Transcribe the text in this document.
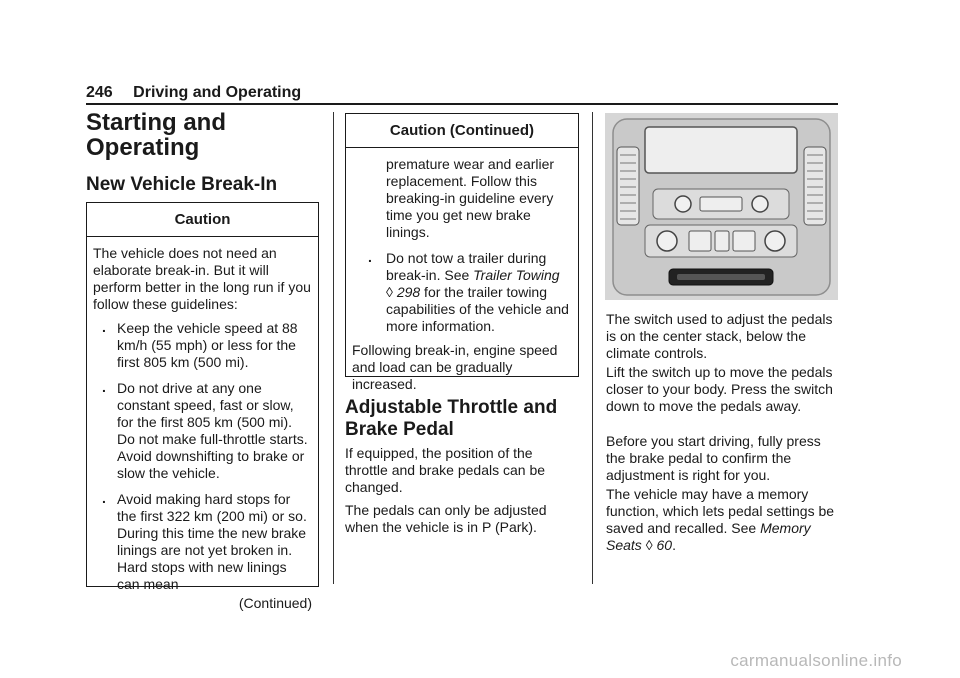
246 Driving and Operating
Starting and
Operating
New Vehicle Break-In
Caution

The vehicle does not need an elaborate break-in. But it will perform better in the long run if you follow these guidelines:

. Keep the vehicle speed at 88 km/h (55 mph) or less for the first 805 km (500 mi).
. Do not drive at any one constant speed, fast or slow, for the first 805 km (500 mi). Do not make full-throttle starts. Avoid downshifting to brake or slow the vehicle.
. Avoid making hard stops for the first 322 km (200 mi) or so. During this time the new brake linings are not yet broken in. Hard stops with new linings can mean
(Continued)
Caution (Continued)
premature wear and earlier replacement. Follow this breaking-in guideline every time you get new brake linings.
. Do not tow a trailer during break-in. See Trailer Towing
◊ 298 for the trailer towing capabilities of the vehicle and more information.

Following break-in, engine speed and load can be gradually increased.

Adjustable Throttle and
Brake Pedal

If equipped, the position of the throttle and brake pedals can be changed.

The pedals can only be adjusted when the vehicle is in P (Park).

The switch used to adjust the pedals is on the center stack, below the climate controls.

Lift the switch up to move the pedals closer to your body. Press the switch down to move the pedals away.

Before you start driving, fully press the brake pedal to confirm the adjustment is right for you.

The vehicle may have a memory function, which lets pedal settings be saved and recalled. See Memory Seats ◊ 60.

carmanualsonline.info
